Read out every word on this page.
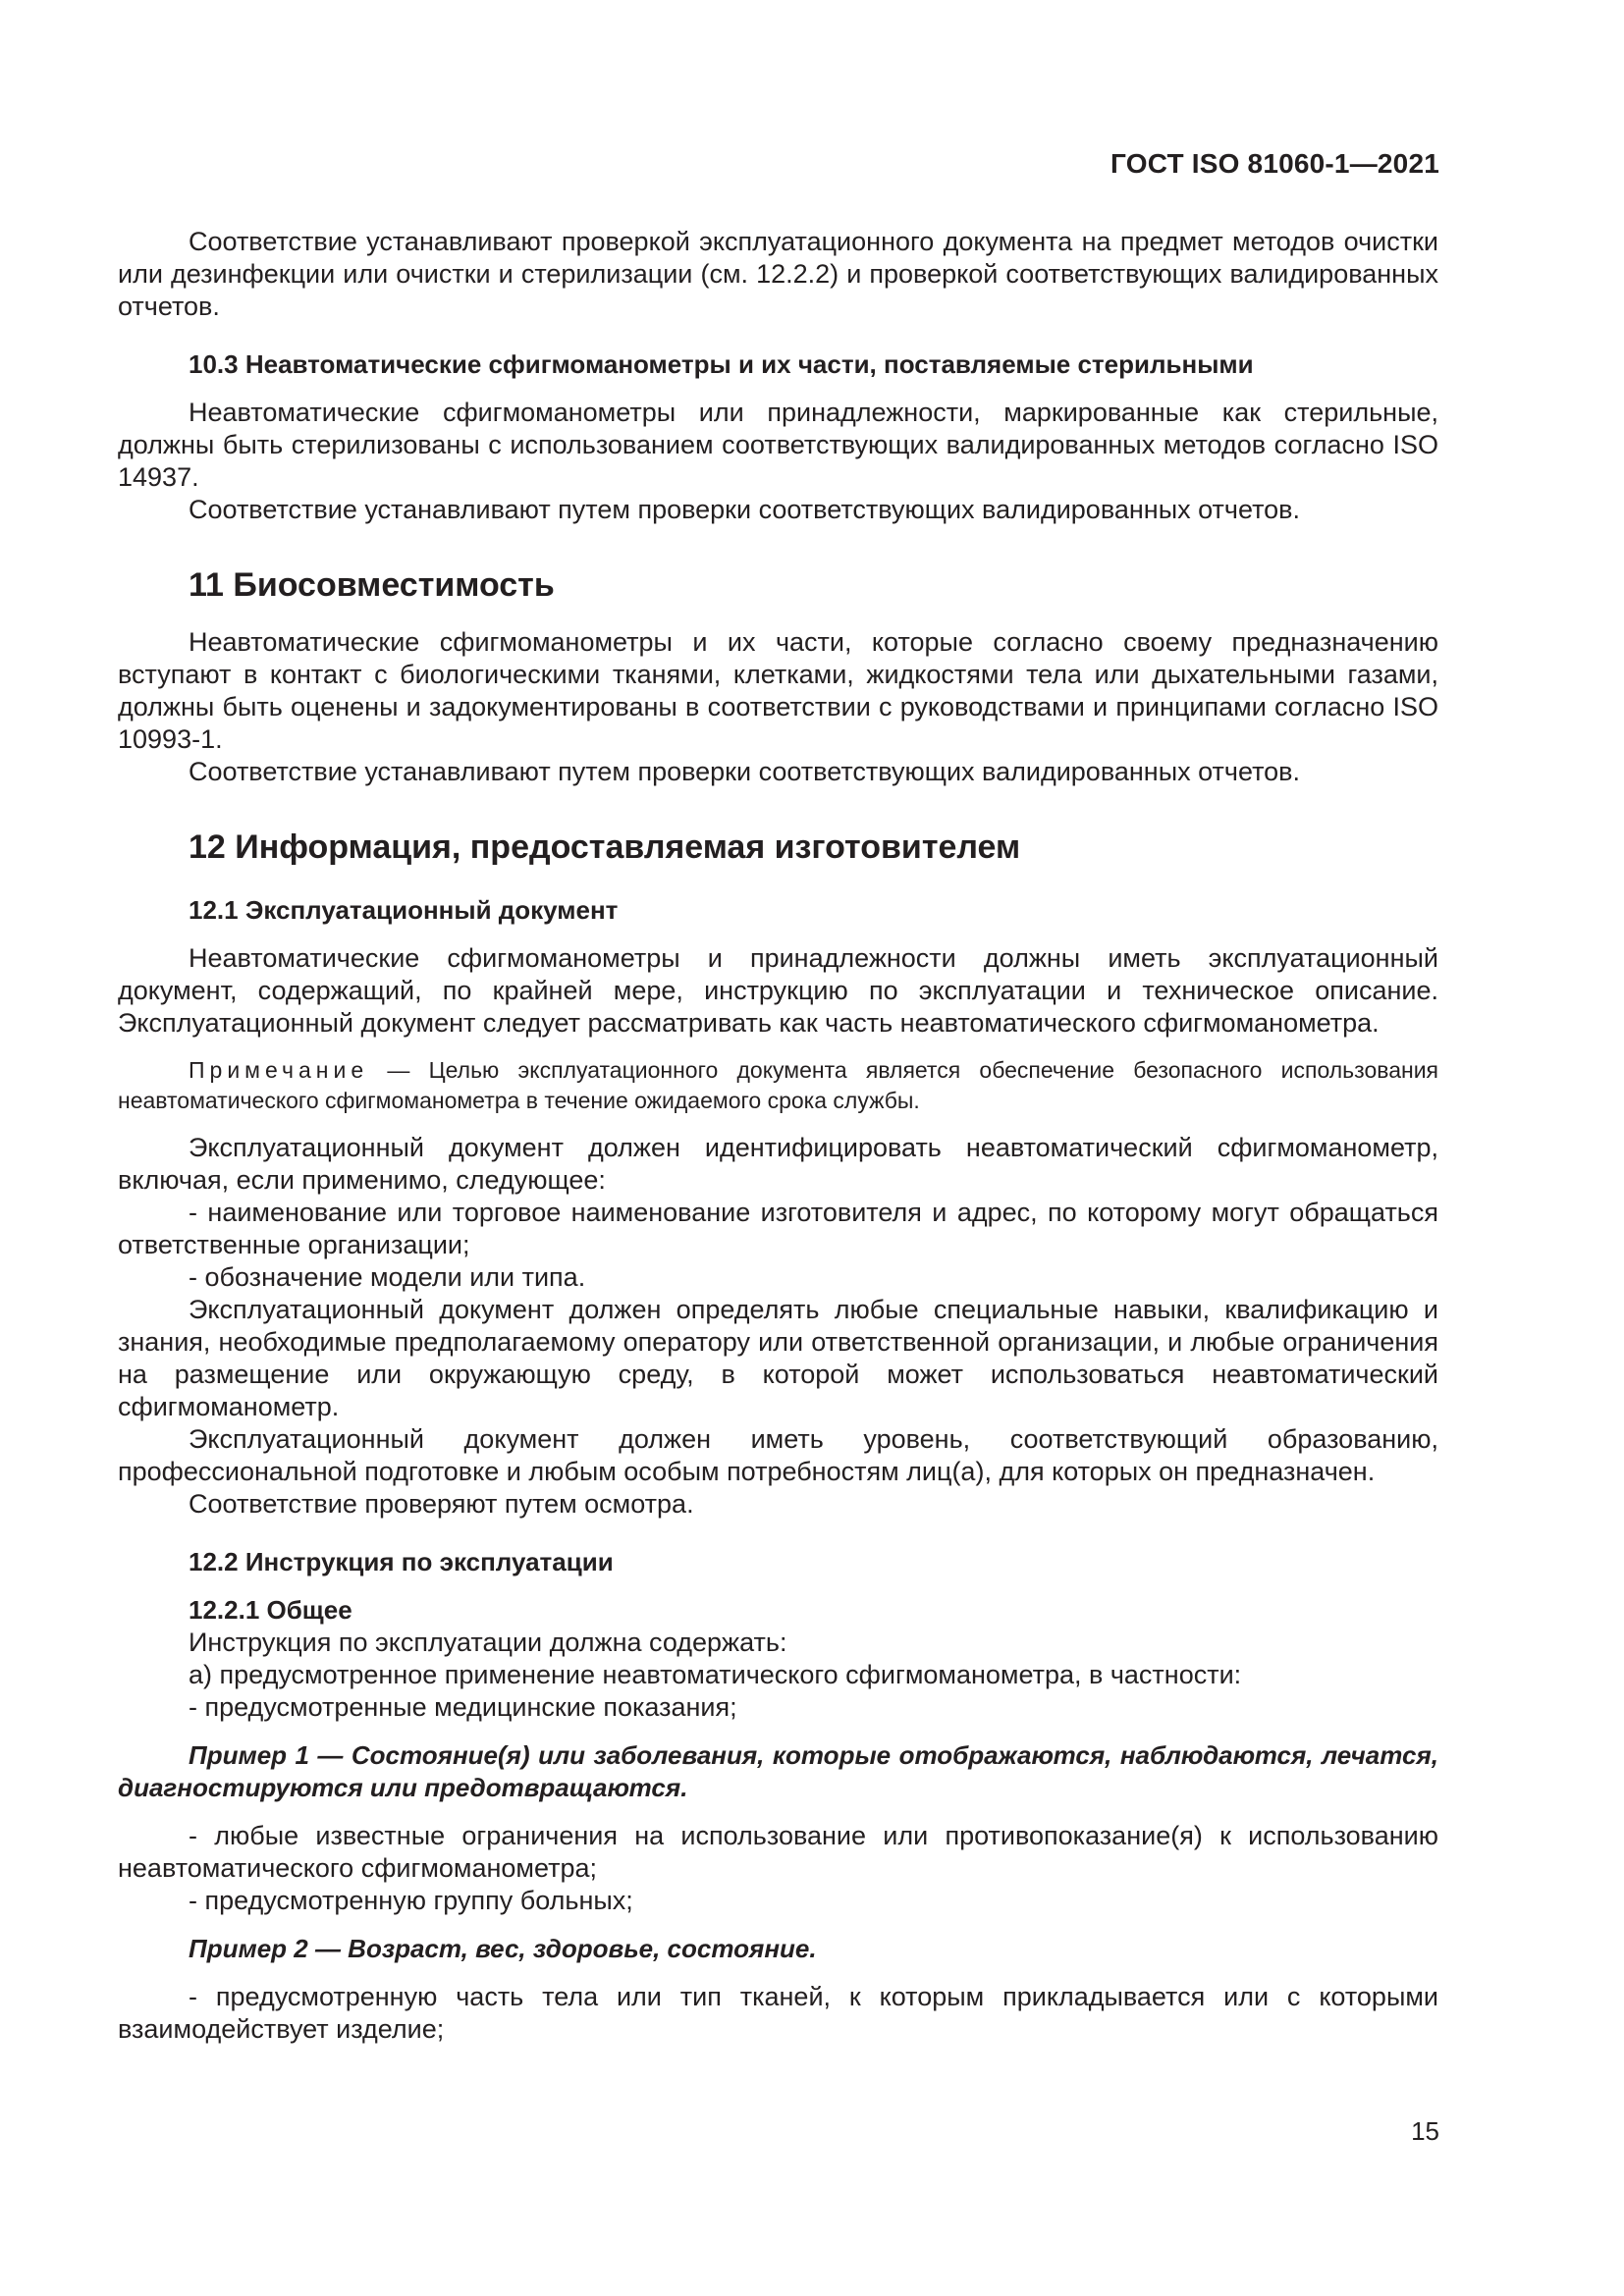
ГОСТ ISO 81060-1—2021

Соответствие устанавливают проверкой эксплуатационного документа на предмет методов очистки или дезинфекции или очистки и стерилизации (см. 12.2.2) и проверкой соответствующих валидированных отчетов.

10.3 Неавтоматические сфигмоманометры и их части, поставляемые стерильными

Неавтоматические сфигмоманометры или принадлежности, маркированные как стерильные, должны быть стерилизованы с использованием соответствующих валидированных методов согласно ISO 14937.

Соответствие устанавливают путем проверки соответствующих валидированных отчетов.

11 Биосовместимость

Неавтоматические сфигмоманометры и их части, которые согласно своему предназначению вступают в контакт с биологическими тканями, клетками, жидкостями тела или дыхательными газами, должны быть оценены и задокументированы в соответствии с руководствами и принципами согласно ISO 10993-1.

Соответствие устанавливают путем проверки соответствующих валидированных отчетов.

12 Информация, предоставляемая изготовителем
12.1 Эксплуатационный документ

Неавтоматические сфигмоманометры и принадлежности должны иметь эксплуатационный документ, содержащий, по крайней мере, инструкцию по эксплуатации и техническое описание. Эксплуатационный документ следует рассматривать как часть неавтоматического сфигмоманометра.

Примечание — Целью эксплуатационного документа является обеспечение безопасного использования неавтоматического сфигмоманометра в течение ожидаемого срока службы.

Эксплуатационный документ должен идентифицировать неавтоматический сфигмоманометр, включая, если применимо, следующее:

- наименование или торговое наименование изготовителя и адрес, по которому могут обращаться ответственные организации;

- обозначение модели или типа.

Эксплуатационный документ должен определять любые специальные навыки, квалификацию и знания, необходимые предполагаемому оператору или ответственной организации, и любые ограничения на размещение или окружающую среду, в которой может использоваться неавтоматический сфигмоманометр.

Эксплуатационный документ должен иметь уровень, соответствующий образованию, профессиональной подготовке и любым особым потребностям лиц(а), для которых он предназначен.

Соответствие проверяют путем осмотра.

12.2 Инструкция по эксплуатации
12.2.1 Общее

Инструкция по эксплуатации должна содержать:

а) предусмотренное применение неавтоматического сфигмоманометра, в частности:

- предусмотренные медицинские показания;

Пример 1 — Состояние(я) или заболевания, которые отображаются, наблюдаются, лечатся, диагностируются или предотвращаются.

- любые известные ограничения на использование или противопоказание(я) к использованию неавтоматического сфигмоманометра;

- предусмотренную группу больных;

Пример 2 — Возраст, вес, здоровье, состояние.

- предусмотренную часть тела или тип тканей, к которым прикладывается или с которыми взаимодействует изделие;

15
